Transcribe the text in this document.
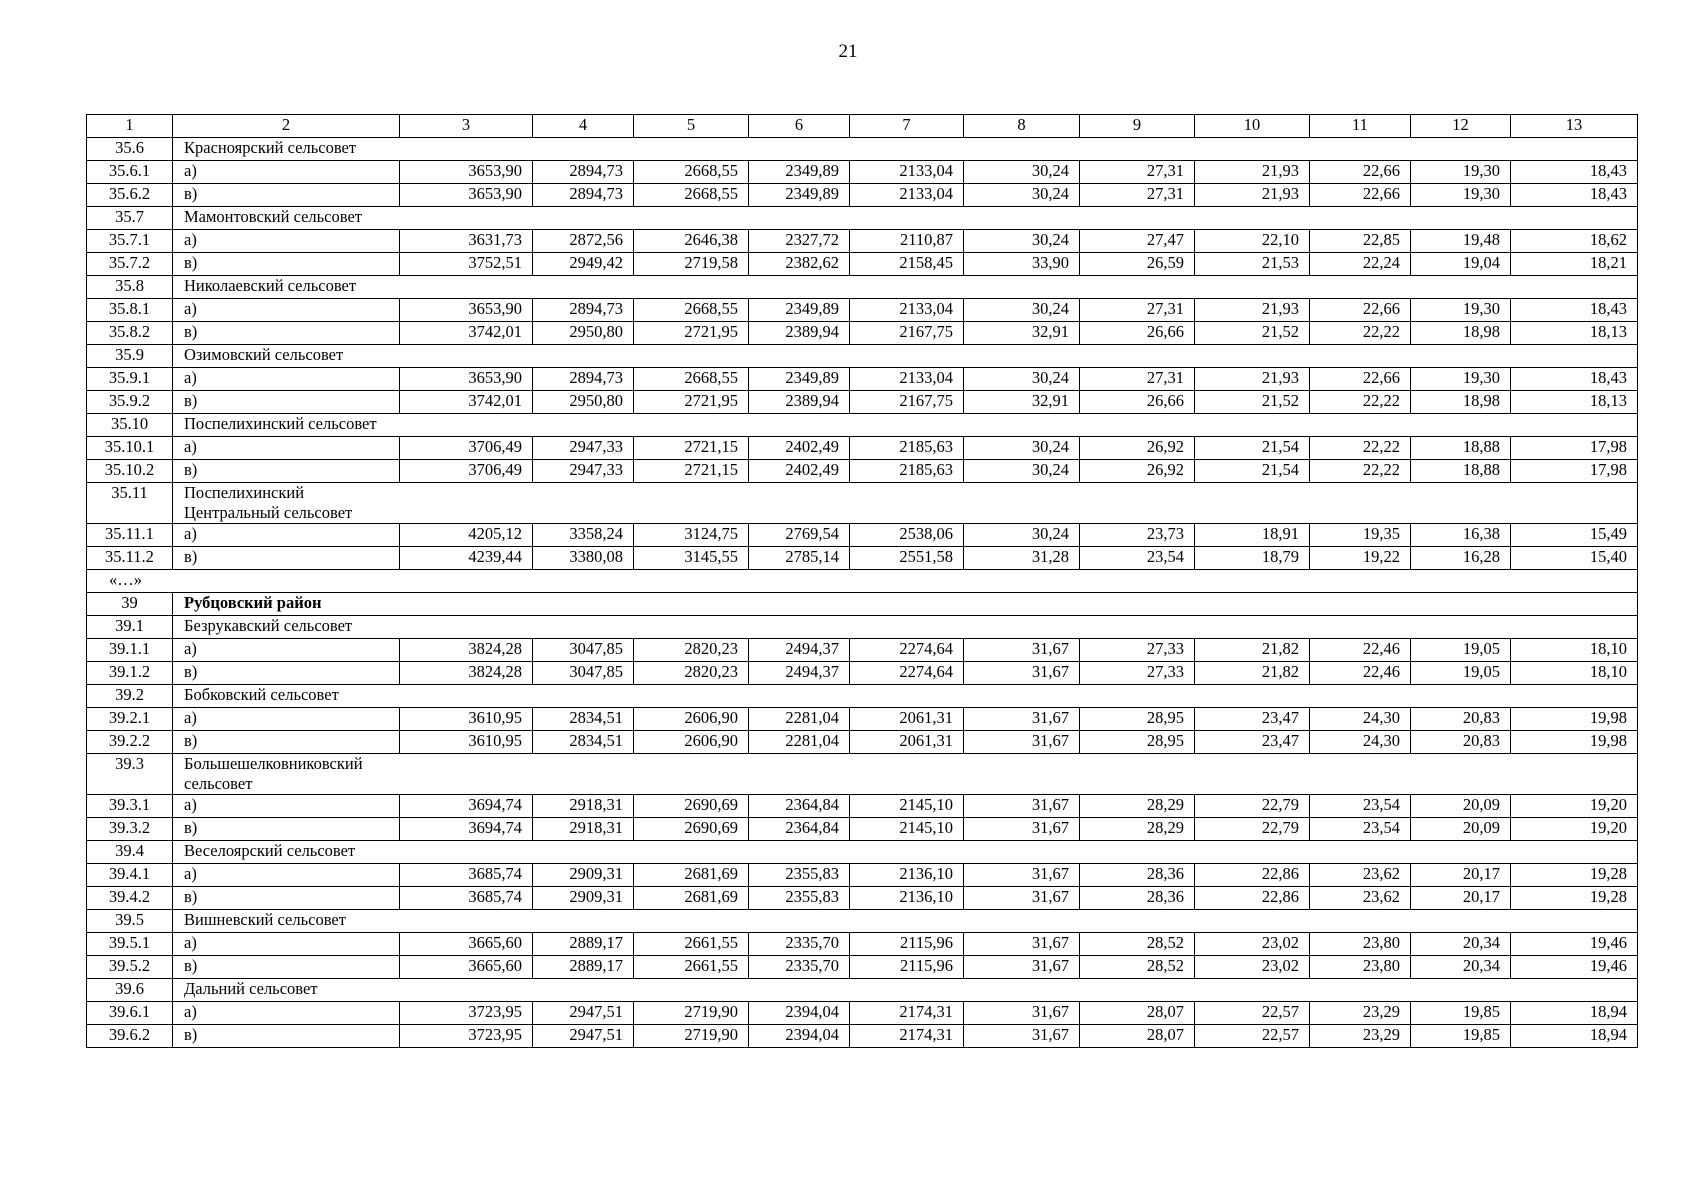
21
1	2	3	4	5	6	7	8	9	10	11	12	13
35.6	Красноярский сельсовет											
35.6.1	а)	3653,90	2894,73	2668,55	2349,89	2133,04	30,24	27,31	21,93	22,66	19,30	18,43
35.6.2	в)	3653,90	2894,73	2668,55	2349,89	2133,04	30,24	27,31	21,93	22,66	19,30	18,43
35.7	Мамонтовский сельсовет											
35.7.1	а)	3631,73	2872,56	2646,38	2327,72	2110,87	30,24	27,47	22,10	22,85	19,48	18,62
35.7.2	в)	3752,51	2949,42	2719,58	2382,62	2158,45	33,90	26,59	21,53	22,24	19,04	18,21
35.8	Николаевский сельсовет											
35.8.1	а)	3653,90	2894,73	2668,55	2349,89	2133,04	30,24	27,31	21,93	22,66	19,30	18,43
35.8.2	в)	3742,01	2950,80	2721,95	2389,94	2167,75	32,91	26,66	21,52	22,22	18,98	18,13
35.9	Озимовский сельсовет											
35.9.1	а)	3653,90	2894,73	2668,55	2349,89	2133,04	30,24	27,31	21,93	22,66	19,30	18,43
35.9.2	в)	3742,01	2950,80	2721,95	2389,94	2167,75	32,91	26,66	21,52	22,22	18,98	18,13
35.10	Поспелихинский сельсовет											

35.10.1	а)	3706,49	2947,33	2721,15	2402,49	2185,63	30,24	26,92	21,54	22,22	18,88	17,98
35.10.2	в)	3706,49	2947,33	2721,15	2402,49	2185,63	30,24	26,92	21,54	22,22	18,88	17,98
35.11	Поспелихинский Центральный сельсовет											

35.11.1	а)	4205,12	3358,24	3124,75	2769,54	2538,06	30,24	23,73	18,91	19,35	16,38	15,49
35.11.2	в)	4239,44	3380,08	3145,55	2785,14	2551,58	31,28	23,54	18,79	19,22	16,28	15,40
«…»												
39	Рубцовский район											
39.1	Безрукавский сельсовет											
39.1.1	а)	3824,28	3047,85	2820,23	2494,37	2274,64	31,67	27,33	21,82	22,46	19,05	18,10
39.1.2	в)	3824,28	3047,85	2820,23	2494,37	2274,64	31,67	27,33	21,82	22,46	19,05	18,10
39.2	Бобковский сельсовет											
39.2.1	а)	3610,95	2834,51	2606,90	2281,04	2061,31	31,67	28,95	23,47	24,30	20,83	19,98
39.2.2	в)	3610,95	2834,51	2606,90	2281,04	2061,31	31,67	28,95	23,47	24,30	20,83	19,98
39.3	Большешелковниковский сельсовет											

39.3.1	а)	3694,74	2918,31	2690,69	2364,84	2145,10	31,67	28,29	22,79	23,54	20,09	19,20
39.3.2	в)	3694,74	2918,31	2690,69	2364,84	2145,10	31,67	28,29	22,79	23,54	20,09	19,20
39.4	Веселоярский сельсовет											
39.4.1	а)	3685,74	2909,31	2681,69	2355,83	2136,10	31,67	28,36	22,86	23,62	20,17	19,28
39.4.2	в)	3685,74	2909,31	2681,69	2355,83	2136,10	31,67	28,36	22,86	23,62	20,17	19,28
39.5	Вишневский сельсовет											
39.5.1	а)	3665,60	2889,17	2661,55	2335,70	2115,96	31,67	28,52	23,02	23,80	20,34	19,46
39.5.2	в)	3665,60	2889,17	2661,55	2335,70	2115,96	31,67	28,52	23,02	23,80	20,34	19,46
39.6	Дальний сельсовет											
39.6.1	а)	3723,95	2947,51	2719,90	2394,04	2174,31	31,67	28,07	22,57	23,29	19,85	18,94
39.6.2	в)	3723,95	2947,51	2719,90	2394,04	2174,31	31,67	28,07	22,57	23,29	19,85	18,94
